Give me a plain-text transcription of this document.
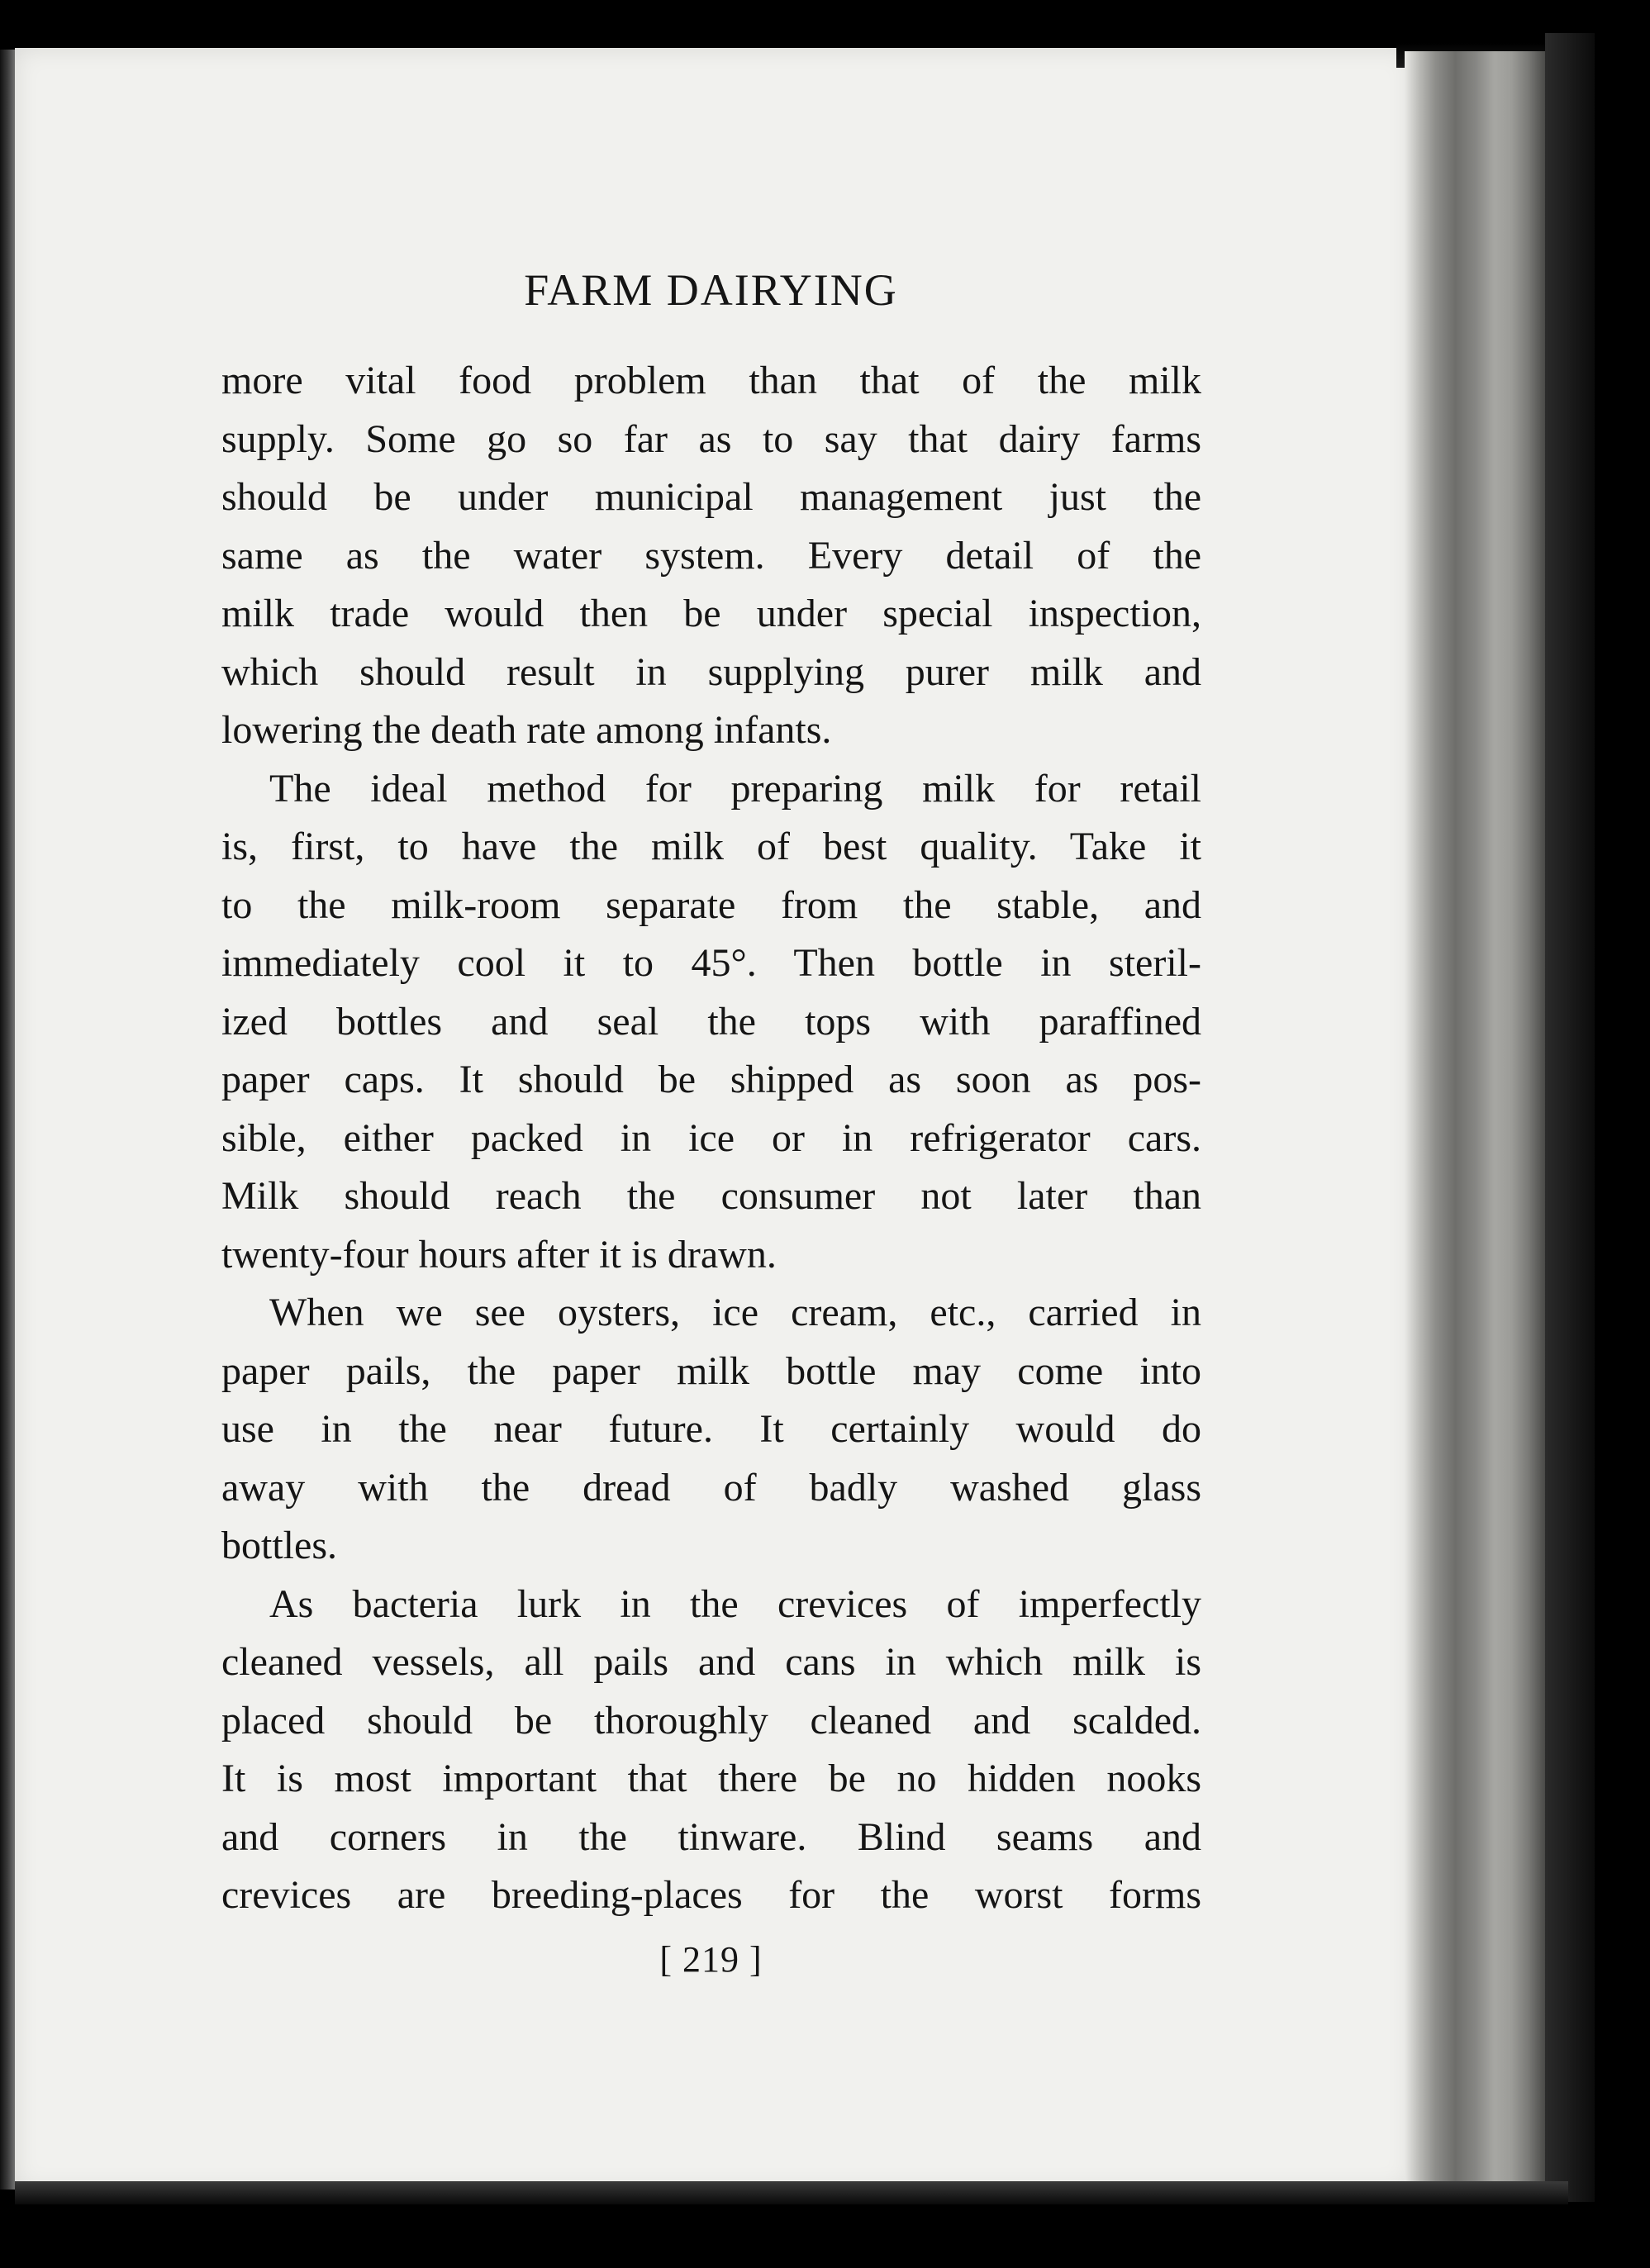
FARM DAIRYING
more vital food problem than that of the milk
supply. Some go so far as to say that dairy farms
should be under municipal management just the
same as the water system. Every detail of the
milk trade would then be under special inspection,
which should result in supplying purer milk and
lowering the death rate among infants.
The ideal method for preparing milk for retail
is, first, to have the milk of best quality. Take it
to the milk-room separate from the stable, and
immediately cool it to 45°. Then bottle in steril-
ized bottles and seal the tops with paraffined
paper caps. It should be shipped as soon as pos-
sible, either packed in ice or in refrigerator cars.
Milk should reach the consumer not later than
twenty-four hours after it is drawn.
When we see oysters, ice cream, etc., carried in
paper pails, the paper milk bottle may come into
use in the near future. It certainly would do
away with the dread of badly washed glass
bottles.
As bacteria lurk in the crevices of imperfectly
cleaned vessels, all pails and cans in which milk is
placed should be thoroughly cleaned and scalded.
It is most important that there be no hidden nooks
and corners in the tinware. Blind seams and
crevices are breeding-places for the worst forms
[ 219 ]
